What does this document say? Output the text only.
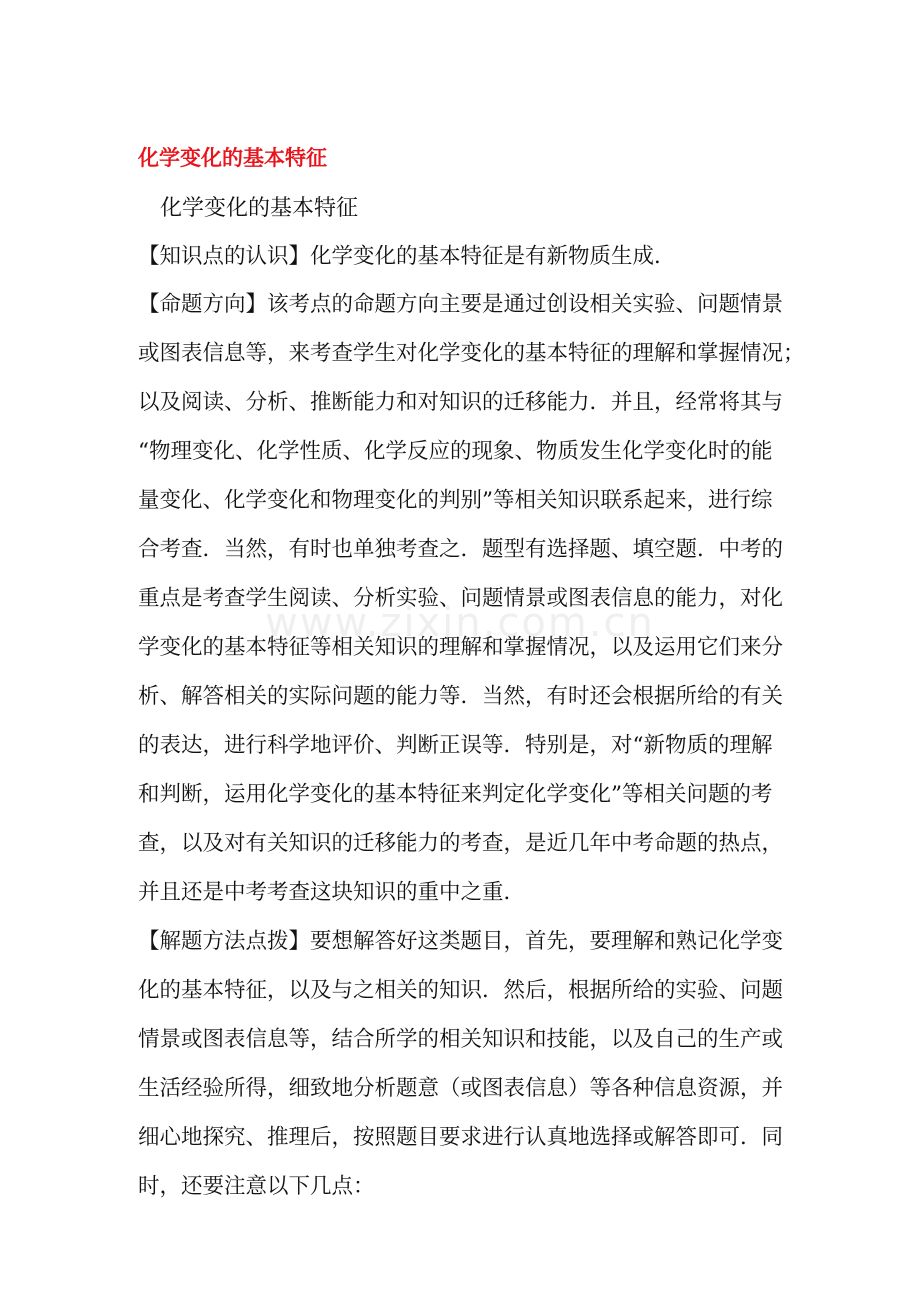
化学变化的基本特征
化学变化的基本特征
【知识点的认识】化学变化的基本特征是有新物质生成．
【命题方向】该考点的命题方向主要是通过创设相关实验、问题情景
或图表信息等，来考查学生对化学变化的基本特征的理解和掌握情况；
以及阅读、分析、推断能力和对知识的迁移能力．并且，经常将其与
“物理变化、化学性质、化学反应的现象、物质发生化学变化时的能
量变化、化学变化和物理变化的判别”等相关知识联系起来，进行综
合考查．当然，有时也单独考查之．题型有选择题、填空题．中考的
重点是考查学生阅读、分析实验、问题情景或图表信息的能力，对化
学变化的基本特征等相关知识的理解和掌握情况，以及运用它们来分
析、解答相关的实际问题的能力等．当然，有时还会根据所给的有关
的表达，进行科学地评价、判断正误等．特别是，对“新物质的理解
和判断，运用化学变化的基本特征来判定化学变化”等相关问题的考
查，以及对有关知识的迁移能力的考查，是近几年中考命题的热点，
并且还是中考考查这块知识的重中之重．
【解题方法点拨】要想解答好这类题目，首先，要理解和熟记化学变
化的基本特征，以及与之相关的知识．然后，根据所给的实验、问题
情景或图表信息等，结合所学的相关知识和技能，以及自己的生产或
生活经验所得，细致地分析题意（或图表信息）等各种信息资源，并
细心地探究、推理后，按照题目要求进行认真地选择或解答即可．同
时，还要注意以下几点：
www.zixin.com.cn
